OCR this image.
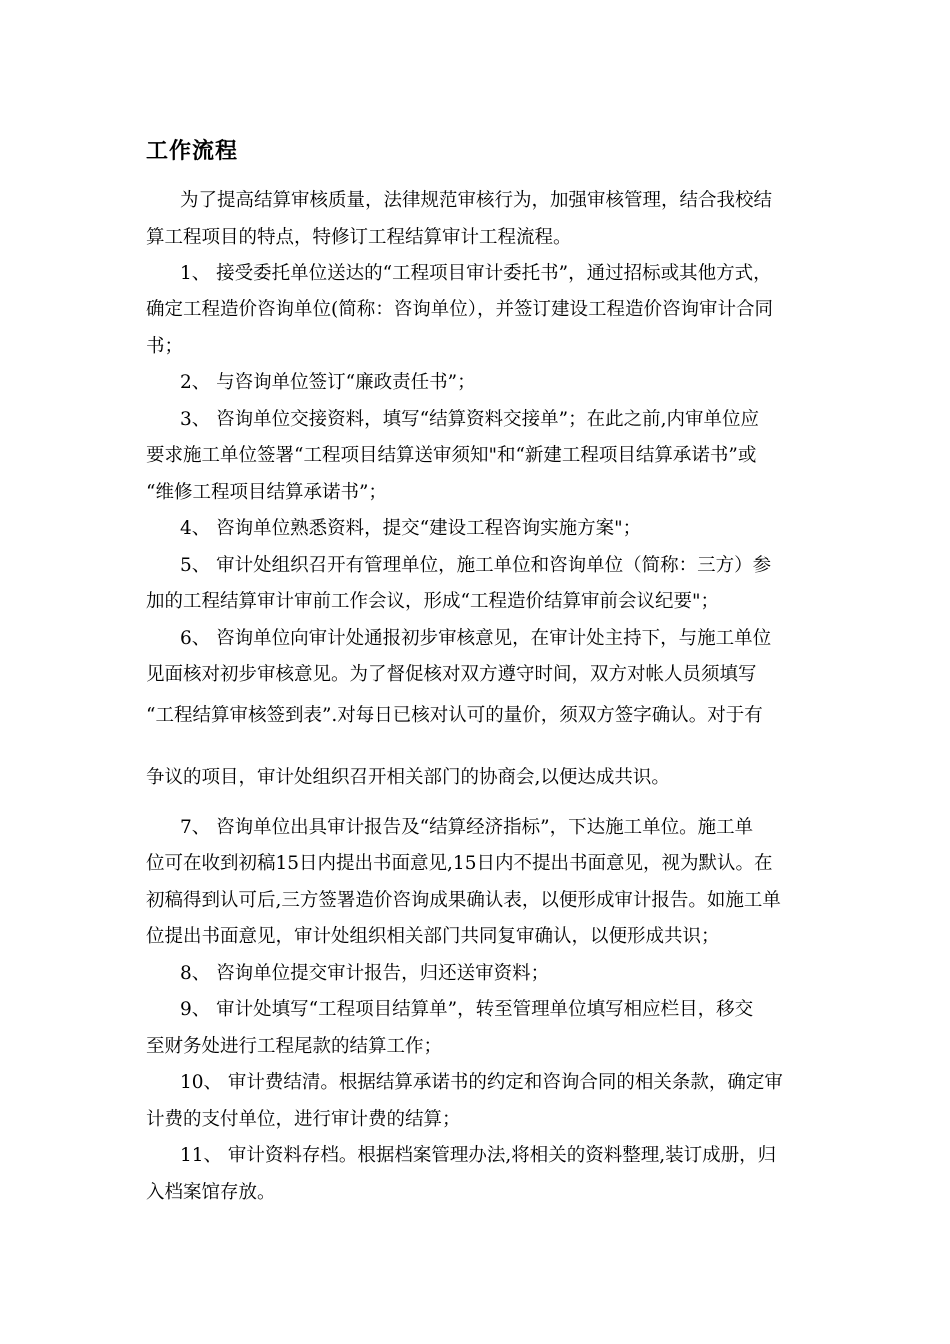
工作流程
为了提高结算审核质量，法律规范审核行为，加强审核管理，结合我校结
算工程项目的特点，特修订工程结算审计工程流程。
1、 接受委托单位送达的“工程项目审计委托书”，通过招标或其他方式，
确定工程造价咨询单位(简称：咨询单位），并签订建设工程造价咨询审计合同
书；
2、 与咨询单位签订“廉政责任书”；
3、 咨询单位交接资料，填写“结算资料交接单”；在此之前,内审单位应
要求施工单位签署“工程项目结算送审须知"和“新建工程项目结算承诺书”或
“维修工程项目结算承诺书”；
4、 咨询单位熟悉资料，提交“建设工程咨询实施方案"；
5、 审计处组织召开有管理单位，施工单位和咨询单位（简称：三方）参
加的工程结算审计审前工作会议，形成“工程造价结算审前会议纪要"；
6、 咨询单位向审计处通报初步审核意见，在审计处主持下，与施工单位
见面核对初步审核意见。为了督促核对双方遵守时间，双方对帐人员须填写
“工程结算审核签到表”.对每日已核对认可的量价，须双方签字确认。对于有
争议的项目，审计处组织召开相关部门的协商会,以便达成共识。
7、 咨询单位出具审计报告及“结算经济指标”，下达施工单位。施工单
位可在收到初稿15日内提出书面意见,15日内不提出书面意见，视为默认。在
初稿得到认可后,三方签署造价咨询成果确认表，以便形成审计报告。如施工单
位提出书面意见，审计处组织相关部门共同复审确认，以便形成共识；
8、 咨询单位提交审计报告，归还送审资料；
9、 审计处填写“工程项目结算单”，转至管理单位填写相应栏目，移交
至财务处进行工程尾款的结算工作；
10、 审计费结清。根据结算承诺书的约定和咨询合同的相关条款，确定审
计费的支付单位，进行审计费的结算；
11、 审计资料存档。根据档案管理办法,将相关的资料整理,装订成册，归
入档案馆存放。
